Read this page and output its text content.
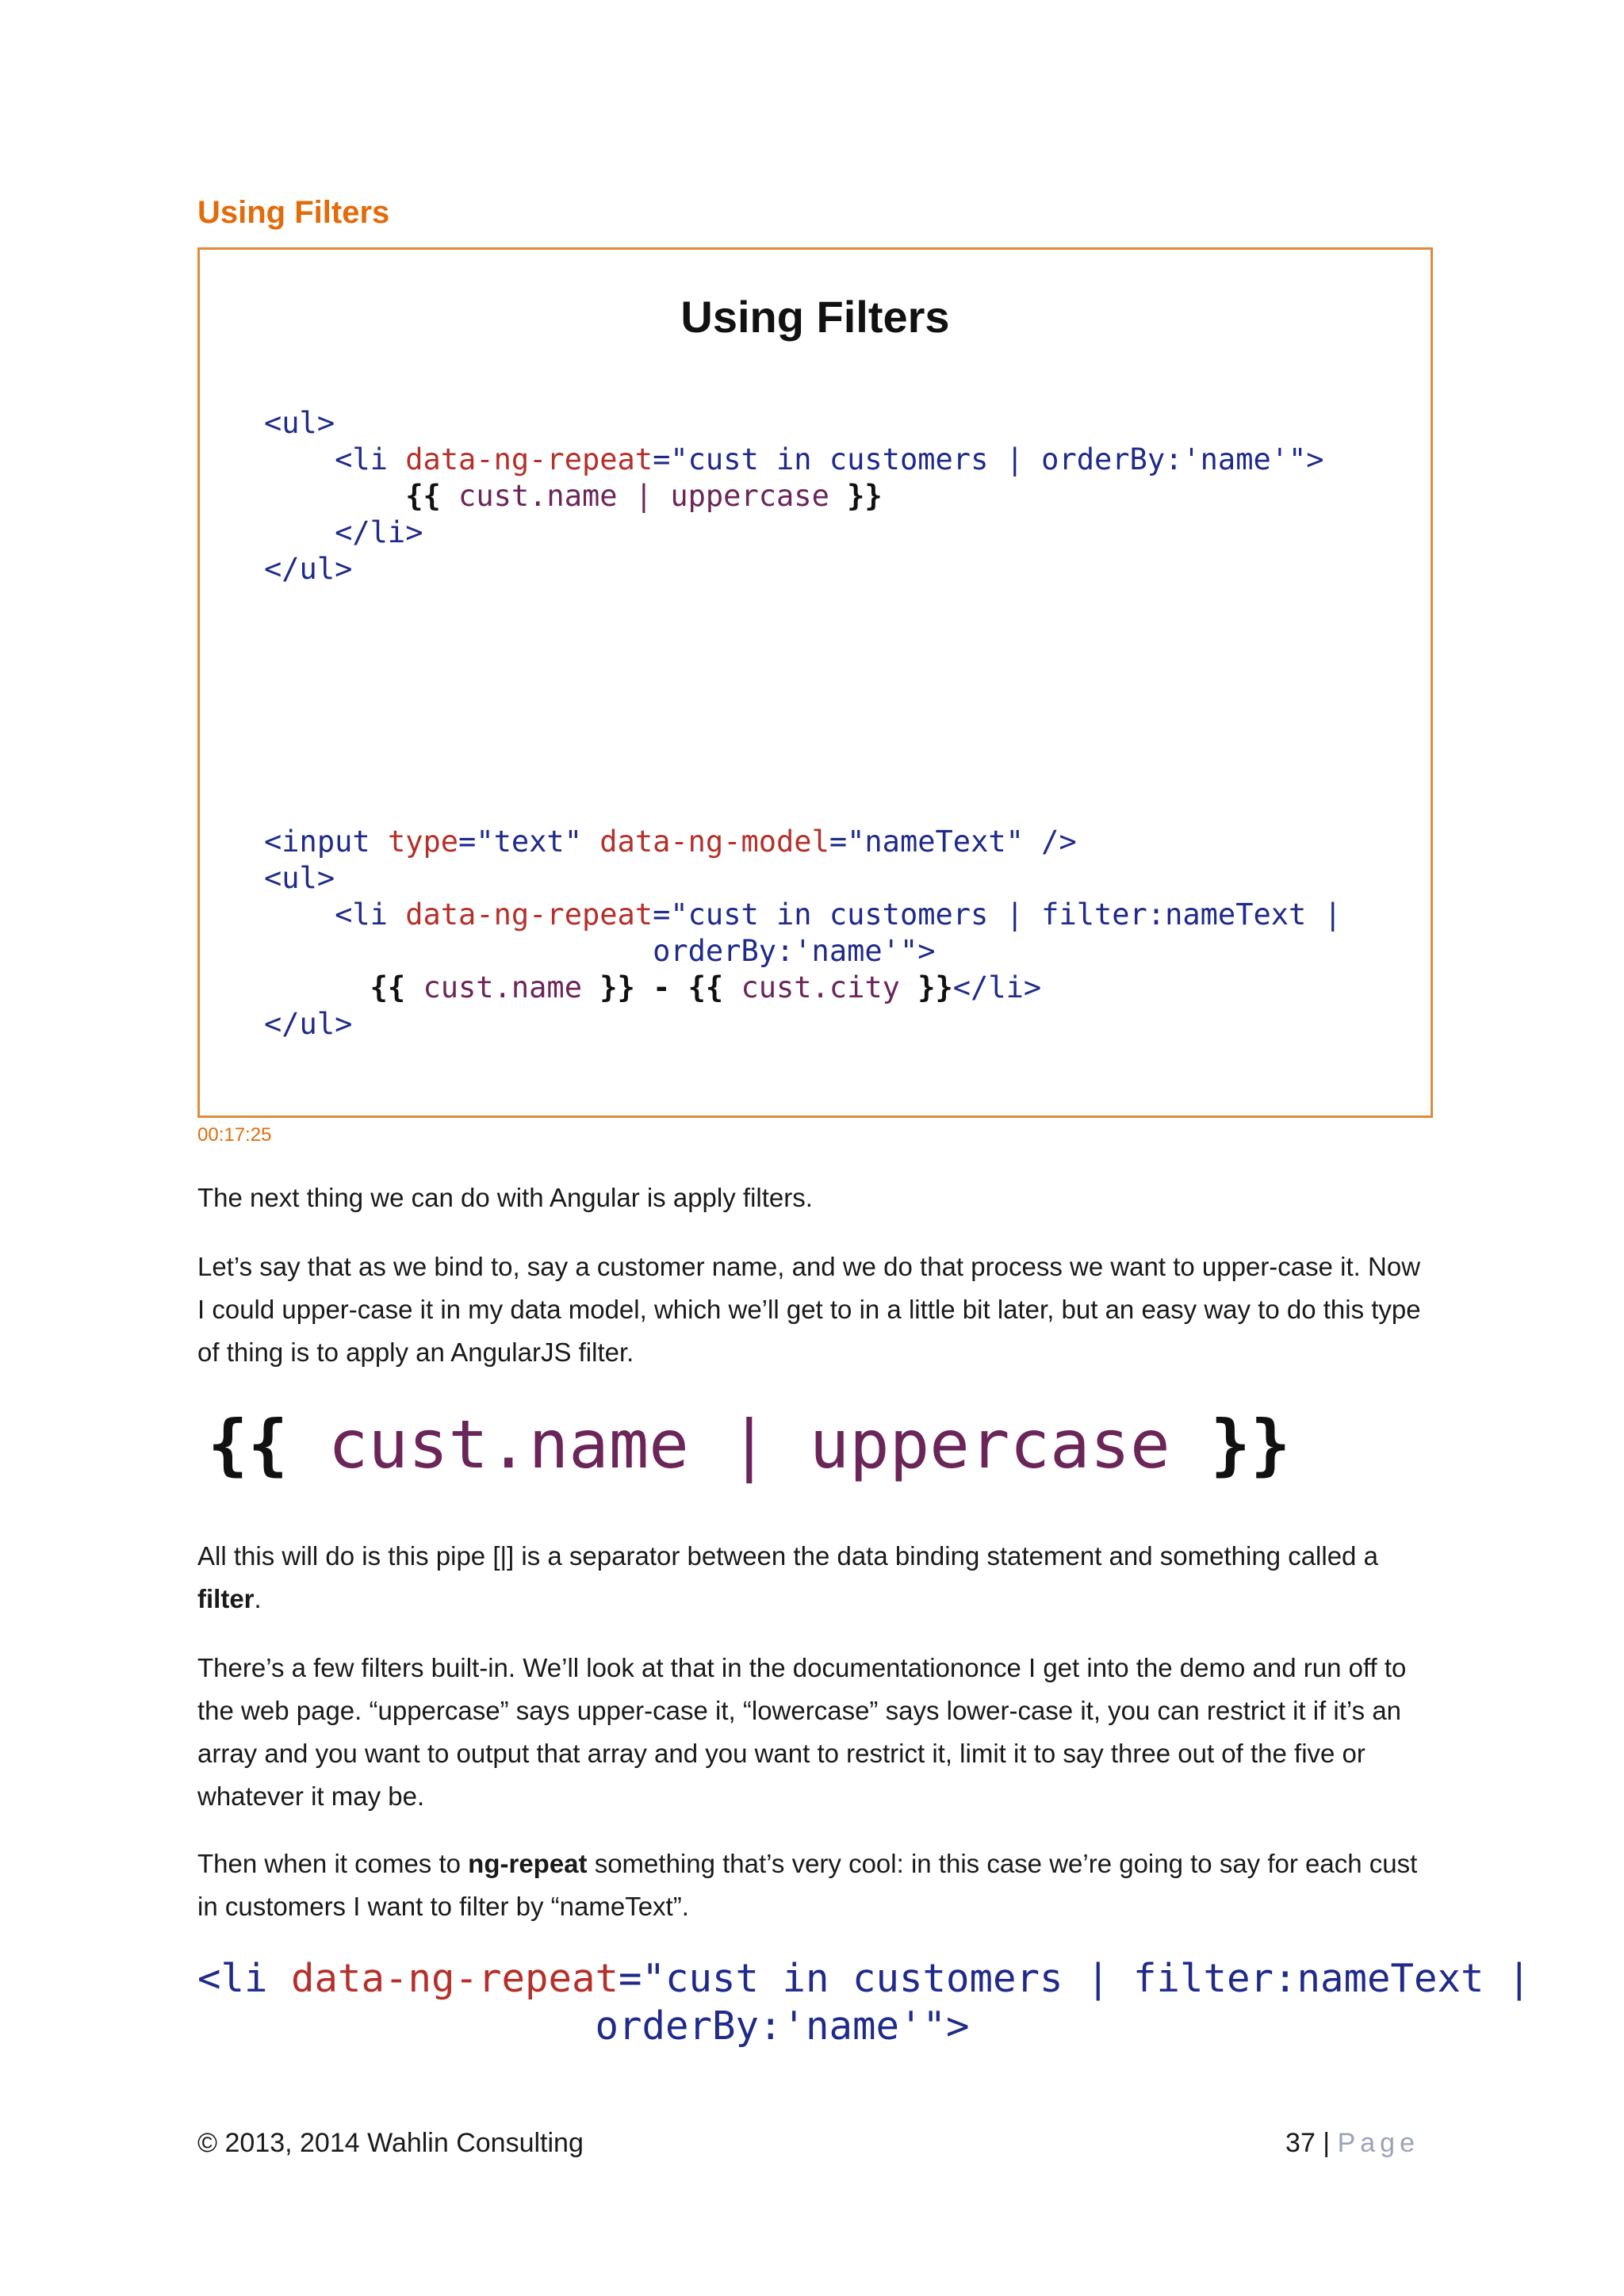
Using Filters
Using Filters
<ul>
<li data-ng-repeat="cust in customers | orderBy:'name'">
{{ cust.name | uppercase }}
</li>
</ul>
<input type="text" data-ng-model="nameText" />
<ul>
<li data-ng-repeat="cust in customers | filter:nameText |
orderBy:'name'">
{{ cust.name }} - {{ cust.city }}</li>
</ul>
00:17:25
The next thing we can do with Angular is apply filters.
Let’s say that as we bind to, say a customer name, and we do that process we want to upper-case it. Now I could upper-case it in my data model, which we’ll get to in a little bit later, but an easy way to do this type of thing is to apply an AngularJS filter.
{{ cust.name | uppercase }}
All this will do is this pipe [|] is a separator between the data binding statement and something called a filter.
There’s a few filters built-in. We’ll look at that in the documentationonce I get into the demo and run off to the web page. “uppercase” says upper-case it, “lowercase” says lower-case it, you can restrict it if it’s an array and you want to output that array and you want to restrict it, limit it to say three out of the five or whatever it may be.
Then when it comes to ng-repeat something that’s very cool: in this case we’re going to say for each cust in customers I want to filter by “nameText”.
<li data-ng-repeat="cust in customers | filter:nameText |
orderBy:'name'">
© 2013, 2014 Wahlin Consulting	37 | Page
